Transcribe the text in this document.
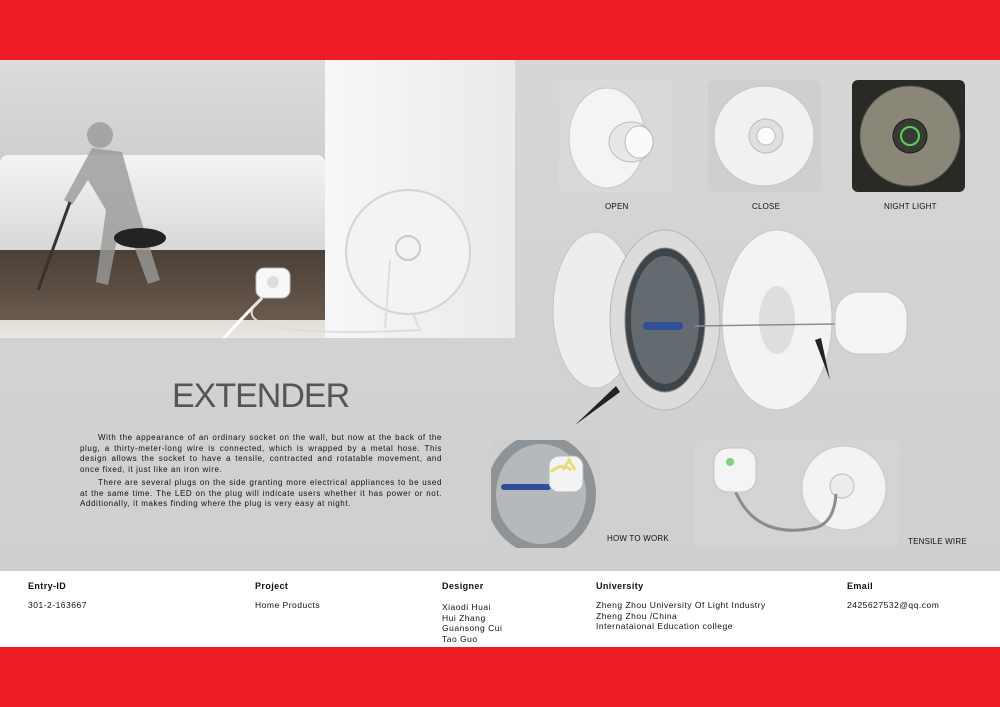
OPEN	CLOSE	NIGHT LIGHT
HOW TO WORK	TENSILE WIRE
EXTENDER

With the appearance of an ordinary socket on the wall, but now at the back of the plug, a thirty-meter-long wire is connected, which is wrapped by a metal hose. This design allows the socket to have a tensile, contracted and rotatable movement, and once fixed, it just like an iron wire.

There are several plugs on the side granting more electrical appliances to be used at the same time. The LED on the plug will indicate users whether it has power or not. Additionally, it makes finding where the plug is very easy at night.

Entry-ID
301-2-163667
Project
Home Products
Designer
Xiaodi Huai
Hui Zhang
Guansong Cui
Tao Guo
University
Zheng Zhou University Of Light Industry
Zheng Zhou /China
Internataional Education college
Email
2425627532@qq.com
